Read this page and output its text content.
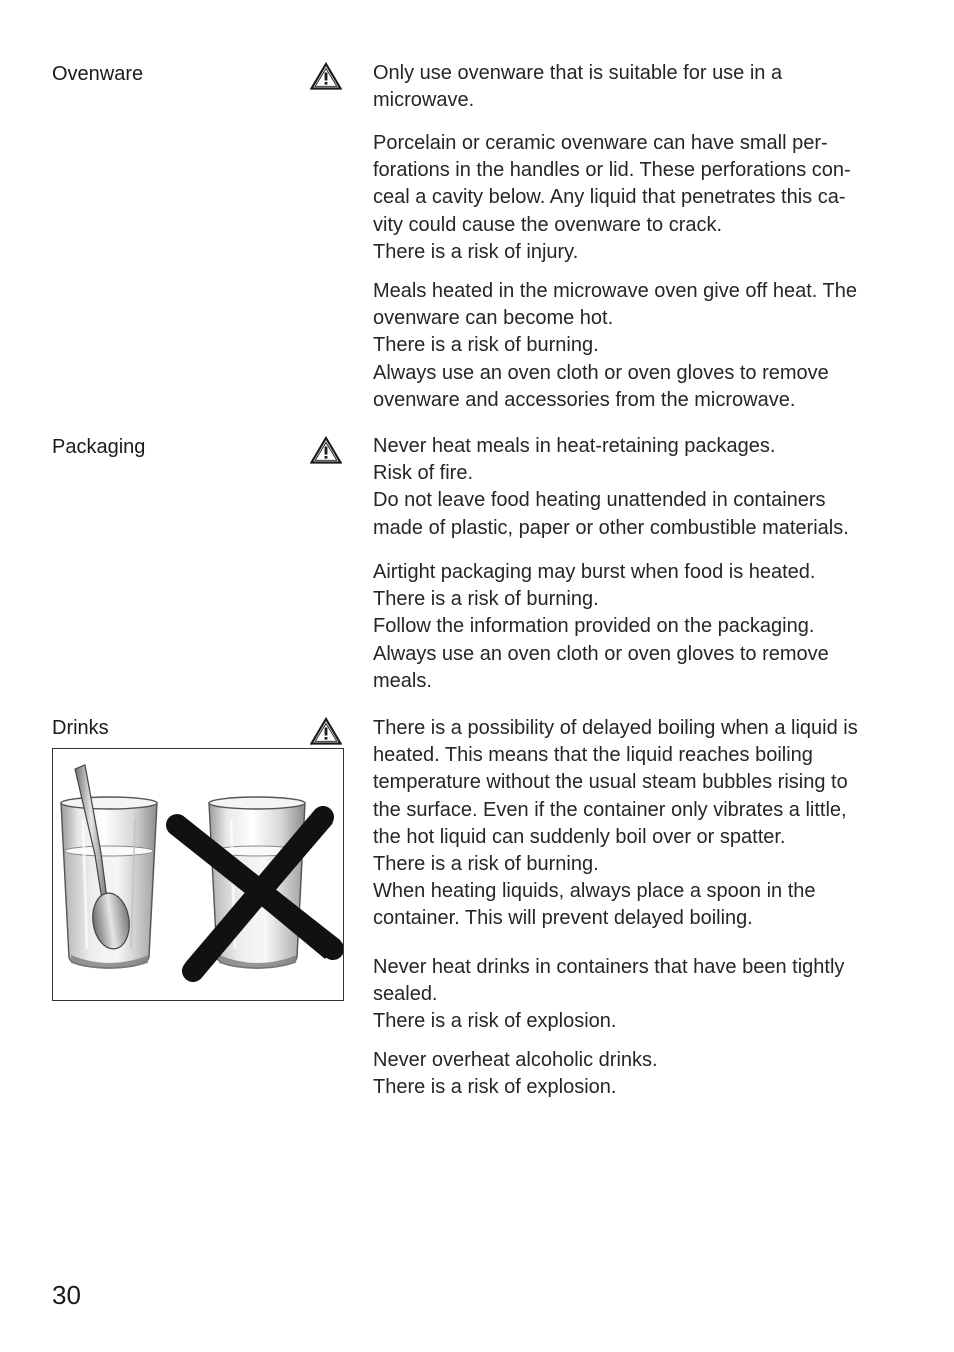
Ovenware	Only use ovenware that is suitable for use in a
microwave.

Porcelain or ceramic ovenware can have small per-
forations in the handles or lid. These perforations con-
ceal a cavity below. Any liquid that penetrates this ca-
vity could cause the ovenware to crack.
There is a risk of injury.
Meals heated in the microwave oven give off heat. The
ovenware can become hot.
There is a risk of burning.
Always use an oven cloth or oven gloves to remove
ovenware and accessories from the microwave.
Packaging	Never heat meals in heat-retaining packages.
Risk of fire.
Do not leave food heating unattended in containers
made of plastic, paper or other combustible materials.
Airtight packaging may burst when food is heated.
There is a risk of burning.
Follow the information provided on the packaging.
Always use an oven cloth or oven gloves to remove
meals.
Drinks	There is a possibility of delayed boiling when a liquid is
heated. This means that the liquid reaches boiling
temperature without the usual steam bubbles rising to
the surface. Even if the container only vibrates a little,
the hot liquid can suddenly boil over or spatter.
There is a risk of burning.
When heating liquids, always place a spoon in the
container. This will prevent delayed boiling.
Never heat drinks in containers that have been tightly
sealed.
There is a risk of explosion.
Never overheat alcoholic drinks.
There is a risk of explosion.
30
